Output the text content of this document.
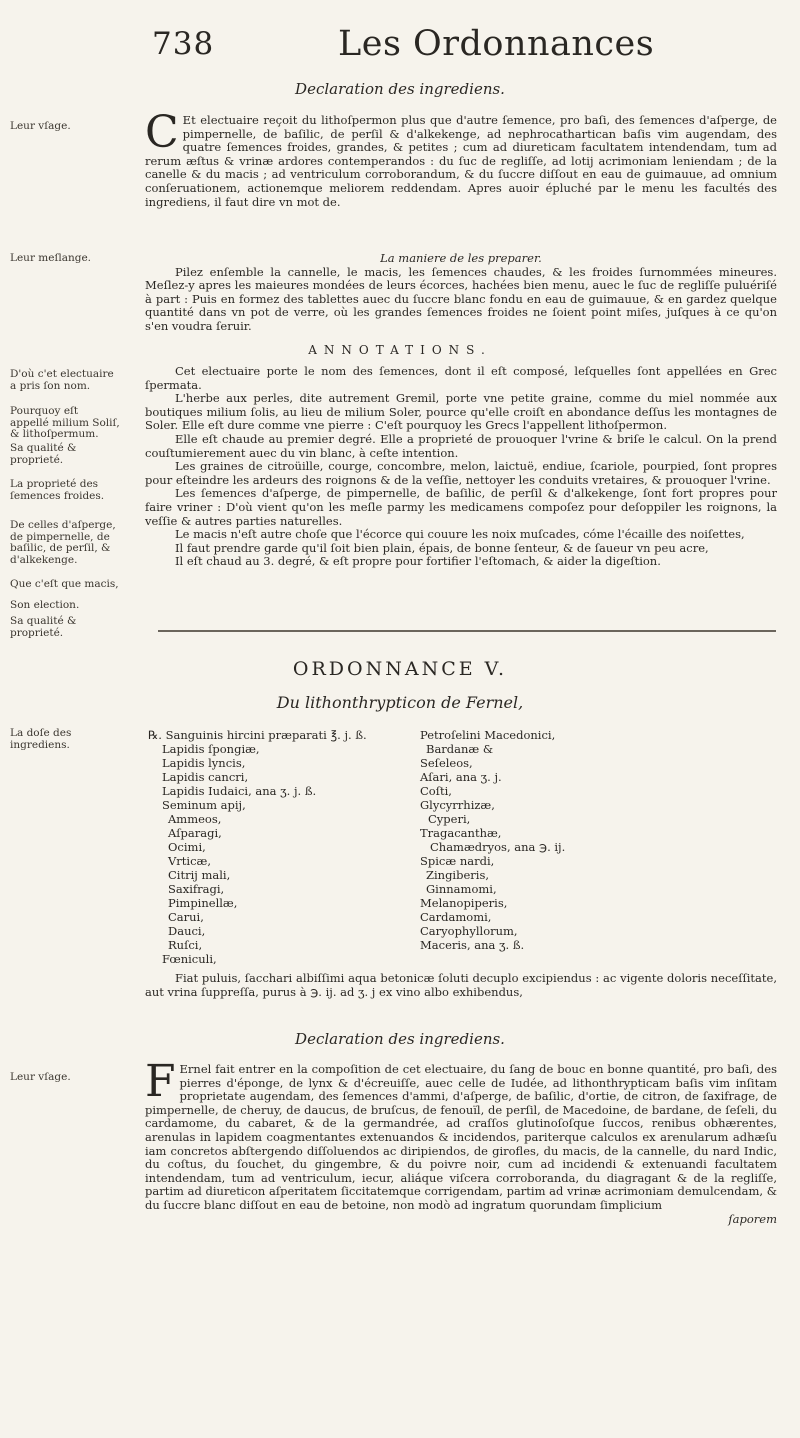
738	Les Ordonnances
Declaration des ingrediens.
Leur vſage.	C Et electuaire reçoit du lithoſpermon plus que d'autre ſemence, pro baſi, des ſemences d'aſperge, de pimpernelle, de baſilic, de perſil & d'alkekenge, ad nephrocathartican baſis vim augendam, des quatre ſemences froides, grandes, & petites ; cum ad diureticam facultatem intendendam, tum ad rerum æſtus & vrinæ ardores contemperandos : du ſuc de regliſſe, ad lotij acrimoniam leniendam ; de la canelle & du macis ; ad ventriculum corroborandum, & du ſuccre diſſout en eau de guimauue, ad omnium conſeruationem, actionemque meliorem reddendam. Apres auoir épluché par le menu les facultés des ingrediens, il faut dire vn mot de.

Leur meſlange.	La maniere de les preparer.

Pilez enſemble la cannelle, le macis, les ſemences chaudes, & les froides ſurnommées mineures. Meſlez-y apres les maieures mondées de leurs écorces, hachées bien menu, auec le ſuc de regliſſe puluériſé à part : Puis en formez des tablettes auec du ſuccre blanc fondu en eau de guimauue, & en gardez quelque quantité dans vn pot de verre, où les grandes ſemences froides ne ſoient point miſes, juſques à ce qu'on s'en voudra ſeruir.

ANNOTATIONS.
D'où c'et electuaire a pris ſon nom.
Pourquoy eſt appellé milium Soliſ, & lithoſpermum.
Sa qualité & proprieté.
La proprieté des ſemences froides.
De celles d'aſperge, de pimpernelle, de baſilic, de perſil, & d'alkekenge.
Que c'eſt que macis,
Son election.
Sa qualité & proprieté.

Cet electuaire porte le nom des ſemences, dont il eſt composé, leſquelles ſont appellées en Grec ſpermata.

L'herbe aux perles, dite autrement Gremil, porte vne petite graine, comme du miel nommée aux boutiques milium ſolis, au lieu de milium Soler, pource qu'elle croiſt en abondance deſſus les montagnes de Soler. Elle eſt dure comme vne pierre : C'eſt pourquoy les Grecs l'appellent lithoſpermon.

Elle eſt chaude au premier degré. Elle a proprieté de prouoquer l'vrine & briſe le calcul. On la prend couſtumierement auec du vin blanc, à ceſte intention.

Les graines de citroüille, courge, concombre, melon, laictuë, endiue, ſcariole, pourpied, ſont propres pour eſteindre les ardeurs des roignons & de la veſſie, nettoyer les conduits vretaires, & prouoquer l'vrine.

Les ſemences d'aſperge, de pimpernelle, de baſilic, de perſil & d'alkekenge, ſont fort propres pour faire vriner : D'où vient qu'on les meſle parmy les medicamens compoſez pour deſoppiler les roignons, la veſſie & autres parties naturelles.

Le macis n'eſt autre choſe que l'écorce qui couure les noix muſcades, cóme l'écaille des noiſettes,

Il faut prendre garde qu'il ſoit bien plain, épais, de bonne ſenteur, & de ſaueur vn peu acre,

Il eſt chaud au 3. degré, & eſt propre pour fortifier l'eſtomach, & aider la digeſtion.

ORDONNANCE V.
Du lithonthrypticon de Fernel,
La doſe des ingrediens.
℞. Sanguinis hircini præparati ℥. j. ß.
Lapidis ſpongiæ,
Lapidis lyncis,
Lapidis cancri,
Lapidis Iudaici, ana ʒ. j. ß.
Seminum apij,
Ammeos,
Aſparagi,
Ocimi,
Vrticæ,
Citrij mali,
Saxifragi,
Pimpinellæ,
Carui,
Dauci,
Ruſci,
Fœniculi,
Petroſelini Macedonici,
Bardanæ &
Seſeleos,
Aſari, ana ʒ. j.
Coſti,
Glycyrrhizæ,
Cyperi,
Tragacanthæ,
Chamædryos, ana ℈. ij.
Spicæ nardi,
Zingiberis,
Ginnamomi,
Melanopiperis,
Cardamomi,
Caryophyllorum,
Maceris, ana ʒ. ß.

Fiat puluis, ſacchari albiſſimi aqua betonicæ ſoluti decuplo excipiendus : ac vigente doloris neceſſitate, aut vrina ſuppreſſa, purus à ℈. ij. ad ʒ. j ex vino albo exhibendus,

Declaration des ingrediens.
Leur vſage.	F Ernel fait entrer en la compoſition de cet electuaire, du ſang de bouc en bonne quantité, pro baſi, des pierres d'éponge, de lynx & d'écreuiſſe, auec celle de Iudée, ad lithonthrypticam baſis vim inſitam proprietate augendam, des ſemences d'ammi, d'aſperge, de baſilic, d'ortie, de citron, de ſaxifrage, de pimpernelle, de cheruy, de daucus, de bruſcus, de fenouïl, de perſil, de Macedoine, de bardane, de ſeſeli, du cardamome, du cabaret, & de la germandrée, ad craſſos glutinoſoſque ſuccos, renibus obhærentes, arenulas in lapidem coagmentantes extenuandos & incidendos, pariterque calculos ex arenularum adhæſu iam concretos abſtergendo diſſoluendos ac diripiendos, de girofles, du macis, de la cannelle, du nard Indic, du coſtus, du ſouchet, du gingembre, & du poivre noir, cum ad incidendi & extenuandi facultatem intendendam, tum ad ventriculum, iecur, aliáque viſcera corroboranda, du diagragant & de la regliſſe, partim ad diureticon aſperitatem ſiccitatemque corrigendam, partim ad vrinæ acrimoniam demulcendam, & du ſuccre blanc diſſout en eau de betoine, non modò ad ingratum quorundam ſimplicium

ſaporem
